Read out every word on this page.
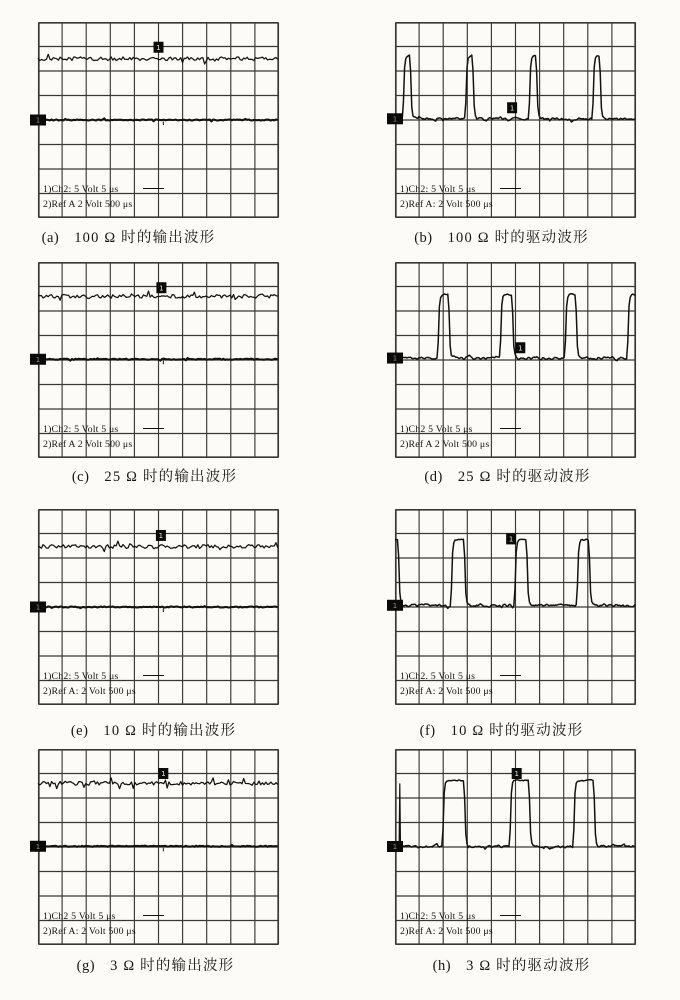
1
1
1)Ch2: 5 Volt 5 μs
2)Ref A 2 Volt 500 μs
(a) 100 Ω 时的输出波形
1
1
1)Ch2: 5 Volt 5 μs
2)Ref A: 2 Volt 500 μs
(b) 100 Ω 时的驱动波形
1
1
1)Ch2: 5 Volt 5 μs
2)Ref A 2 Volt 500 μs
(c) 25 Ω 时的输出波形
1
1
1)Ch2 5 Volt 5 μs
2)Ref A 2 Volt 500 μs
(d) 25 Ω 时的驱动波形
1
1
1)Ch2: 5 Volt 5 μs
2)Ref A: 2 Volt 500 μs
(e) 10 Ω 时的输出波形
1
1
1)Ch2. 5 Volt 5 μs
2)Ref A: 2 Volt 500 μs
(f) 10 Ω 时的驱动波形
1
1
1)Ch2 5 Volt 5 μs
2)Ref A: 2 Volt 500 μs
(g) 3 Ω 时的输出波形
1
1
1)Ch2: 5 Volt 5 μs
2)Ref A: 2 Volt 500 μs
(h) 3 Ω 时的驱动波形
